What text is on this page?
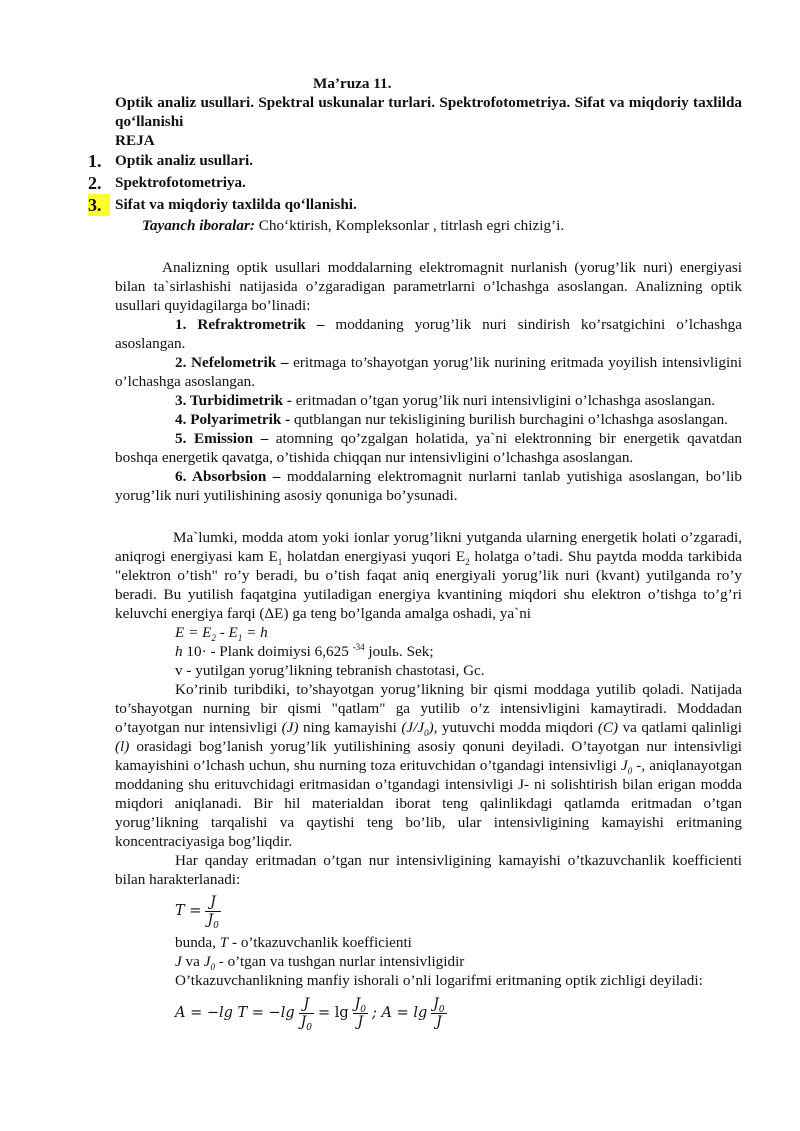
Ma’ruza 11.

Optik analiz usullari. Spektral uskunalar turlari. Spektrofotometriya. Sifat va miqdoriy taxlilda qo‘llanishi

REJA

1. Optik analiz usullari.
2. Spektrofotometriya.
3. Sifat va miqdoriy taxlilda qo‘llanishi.

Tayanch iboralar: Cho‘ktirish, Kompleksonlar , titrlash egri chizig’i.

Analizning optik usullari moddalarning elektromagnit nurlanish (yorug’lik nuri) energiyasi bilan ta`sirlashishi natijasida o’zgaradigan parametrlarni o’lchashga asoslangan. Analizning optik usullari quyidagilarga bo’linadi:

1. Refraktrometrik – moddaning yorug’lik nuri sindirish ko’rsatgichini o’lchashga asoslangan.

2. Nefelometrik – eritmaga to’shayotgan yorug’lik nurining eritmada yoyilish intensivligini o’lchashga asoslangan.

3. Turbidimetrik - eritmadan o’tgan yorug’lik nuri intensivligini o’lchashga asoslangan.

4. Polyarimetrik - qutblangan nur tekisligining burilish burchagini o’lchashga asoslangan.

5. Emission – atomning qo’zgalgan holatida, ya`ni elektronning bir energetik qavatdan boshqa energetik qavatga, o’tishida chiqqan nur intensivligini o’lchashga asoslangan.

6. Absorbsion – moddalarning elektromagnit nurlarni tanlab yutishiga asoslangan, bo’lib yorug’lik nuri yutilishining asosiy qonuniga bo’ysunadi.

Ma`lumki, modda atom yoki ionlar yorug’likni yutganda ularning energetik holati o’zgaradi, aniqrogi energiyasi kam $E_1$ holatdan energiyasi yuqori $E_2$ holatga o’tadi. Shu paytda modda tarkibida "elektron o’tish" ro’y beradi, bu o’tish faqat aniq energiyali yorug’lik nuri (kvant) yutilganda ro’y beradi. Bu yutilish faqatgina yutiladigan energiya kvantining miqdori shu elektron o’tishga to’g’ri keluvchi energiya farqi (ΔE) ga teng bo’lganda amalga oshadi, ya`ni

$E = E_2 - E_1 = h$

h 10· - Plank doimiysi 6,625 $^{-34}$ joulь. Sek;

v - yutilgan yorug’likning tebranish chastotasi, Gc.

Ko’rinib turibdiki, to’shayotgan yorug’likning bir qismi moddaga yutilib qoladi. Natijada to’shayotgan nurning bir qismi "qatlam" ga yutilib o’z intensivligini kamaytiradi. Moddadan o’tayotgan nur intensivligi (J) ning kamayishi $(J/J_0)$, yutuvchi modda miqdori (C) va qatlami qalinligi (l) orasidagi bog’lanish yorug’lik yutilishining asosiy qonuni deyiladi. O’tayotgan nur intensivligi kamayishini o’lchash uchun, shu nurning toza erituvchidan o’tgandagi intensivligi $J_0$ -, aniqlanayotgan moddaning shu erituvchidagi eritmasidan o’tgandagi intensivligi J- ni solishtirish bilan erigan modda miqdori aniqlanadi. Bir hil materialdan iborat teng qalinlikdagi qatlamda eritmadan o’tgan yorug’likning tarqalishi va qaytishi teng bo’lib, ular intensivligining kamayishi eritmaning koncentraciyasiga bog’liqdir.

Har qanday eritmadan o’tgan nur intensivligining kamayishi o’tkazuvchanlik koefficienti bilan harakterlanadi:

$T = \frac{J}{J_0}$

bunda, T - o’tkazuvchanlik koefficienti

J va $J_0$ - o’tgan va tushgan nurlar intensivligidir

O’tkazuvchanlikning manfiy ishorali o’nli logarifmi eritmaning optik zichligi deyiladi:

A = −lg $T = -\lg \frac{J}{J_0} = \lg \frac{J_0}{J}$ ; $A = \lg \frac{J_0}{J}$
